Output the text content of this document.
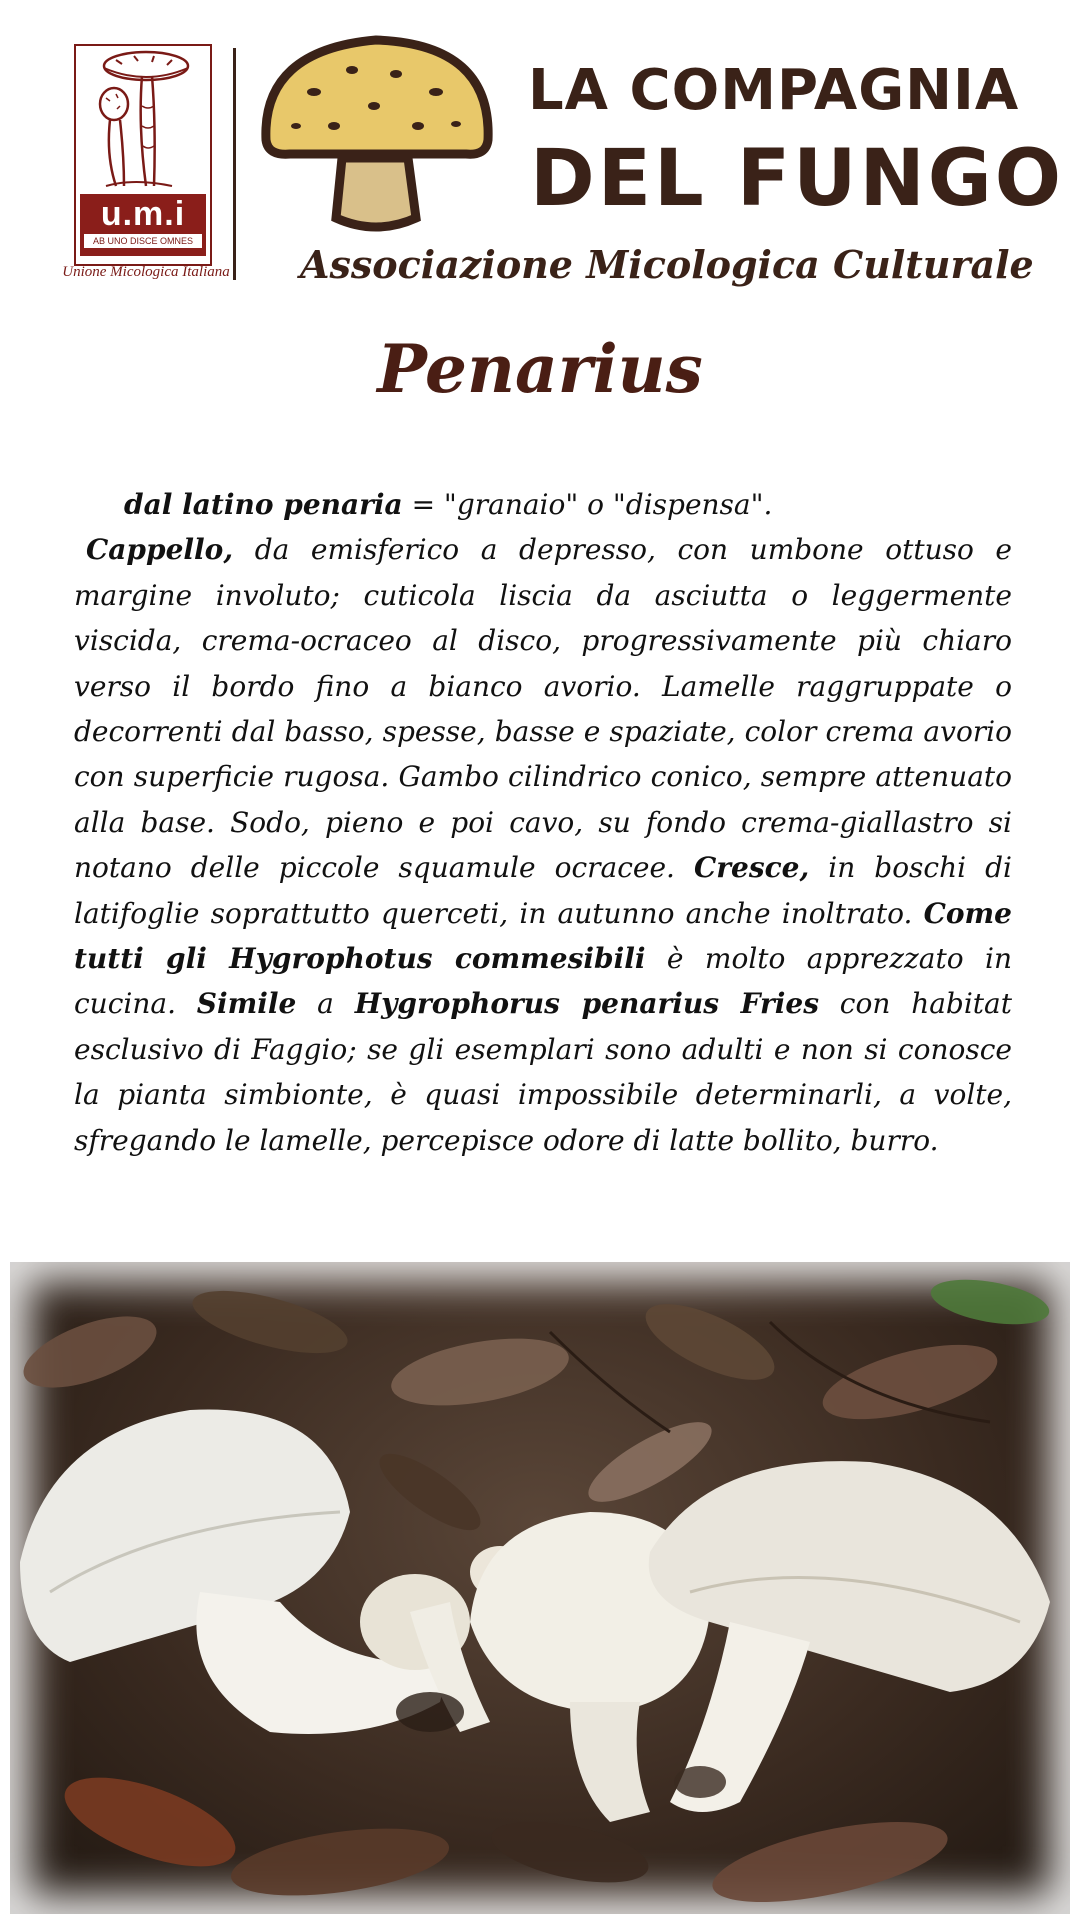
u.m.i
AB UNO DISCE OMNES
Unione Micologica Italiana
LA COMPAGNIA
DEL FUNGO
Associazione Micologica Culturale
Penarius

dal latino penaria = "granaio" o "dispensa".

Cappello, da emisferico a depresso, con umbone ottuso e margine involuto; cuticola liscia da asciutta o leggermente viscida, crema-ocraceo al disco, progressivamente più chiaro verso il bordo fino a bianco avorio. Lamelle raggruppate o decorrenti dal basso, spesse, basse e spaziate, color crema avorio con superficie rugosa. Gambo cilindrico conico, sempre attenuato alla base. Sodo, pieno e poi cavo, su fondo crema-giallastro si notano delle piccole squamule ocracee. Cresce, in boschi di latifoglie soprattutto querceti, in autunno anche inoltrato. Come tutti gli Hygrophotus commesibili è molto apprezzato in cucina. Simile a Hygrophorus penarius Fries con habitat esclusivo di Faggio; se gli esemplari sono adulti e non si conosce la pianta simbionte, è quasi impossibile determinarli, a volte, sfregando le lamelle, percepisce odore di latte bollito, burro.
